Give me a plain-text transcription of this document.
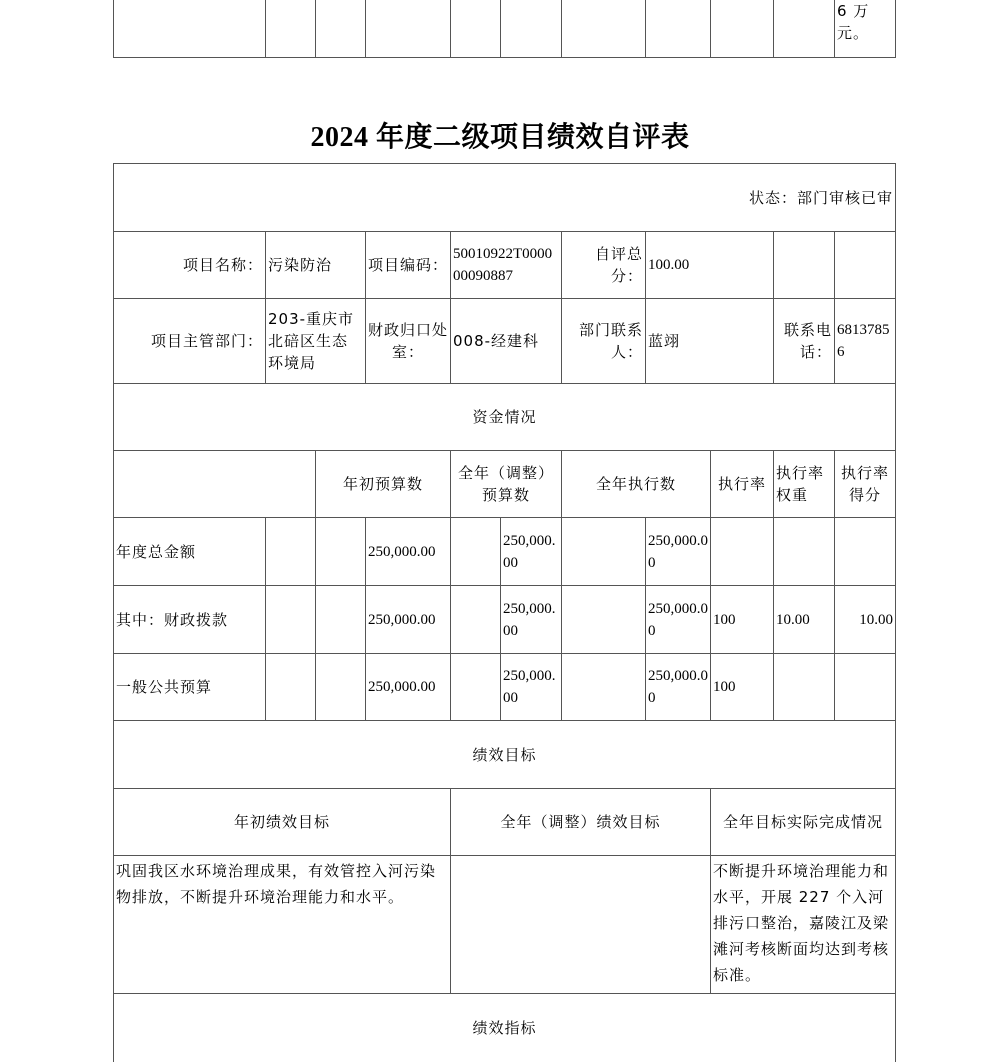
										6 万元。
2024 年度二级项目绩效自评表
状态：部门审核已审										
项目名称：	污染防治		项目编码：	50010922T000000090887		自评总分：	100.00			
项目主管部门：	203-重庆市北碚区生态环境局		财政归口处室：	008-经建科		部门联系人：	蓝翊		联系电话：	68137856
资金情况										
		年初预算数		全年（调整）预算数		全年执行数		执行率	执行率权重	执行率得分
年度总金额			250,000.00		250,000.00		250,000.00			
其中：财政拨款			250,000.00		250,000.00		250,000.00	100	10.00	10.00
一般公共预算			250,000.00		250,000.00		250,000.00	100		
绩效目标										
年初绩效目标				全年（调整）绩效目标				全年目标实际完成情况		
巩固我区水环境治理成果，有效管控入河污染物排放，不断提升环境治理能力和水平。								不断提升环境治理能力和水平，开展 227 个入河排污口整治，嘉陵江及梁滩河考核断面均达到考核标准。		
绩效指标										
